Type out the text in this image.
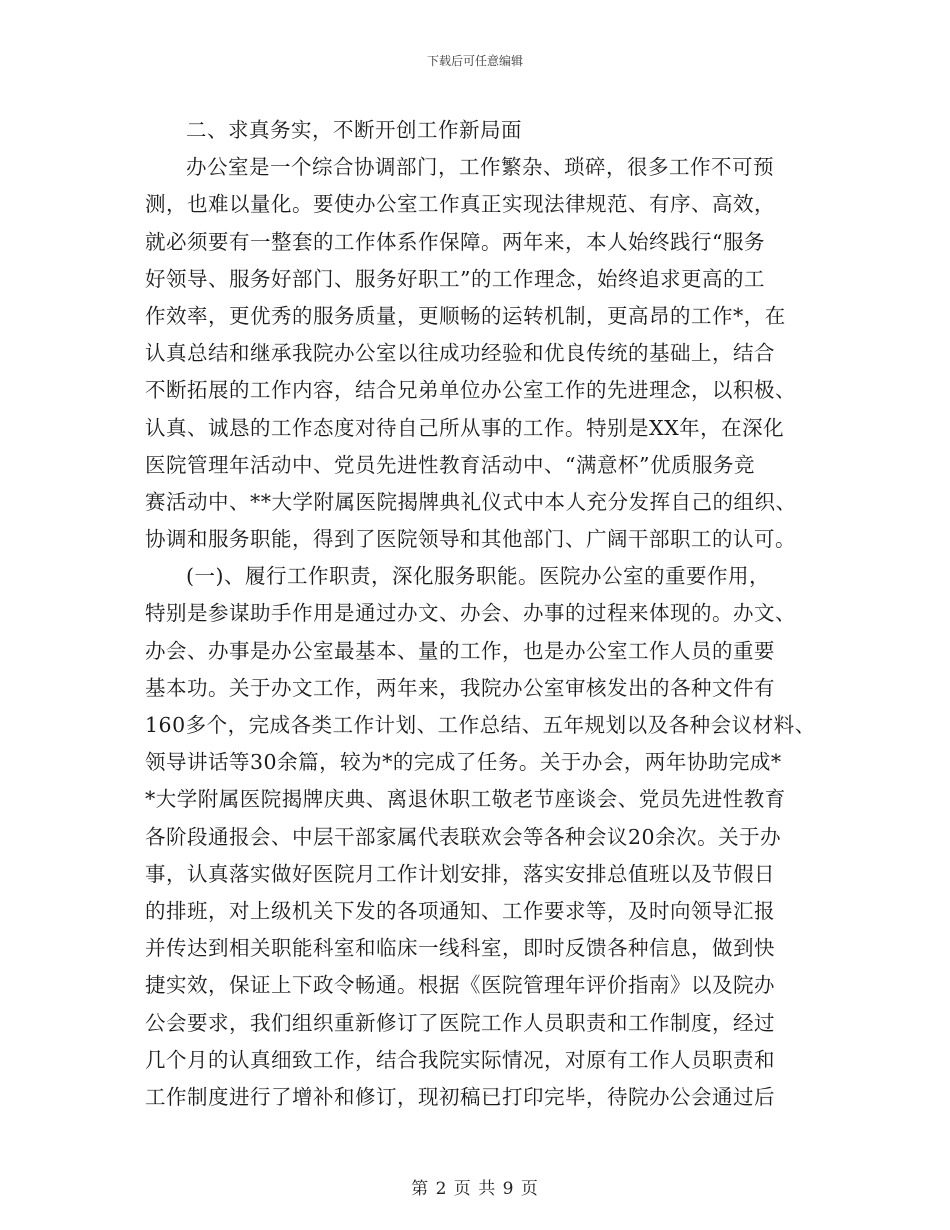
下载后可任意编辑
二、求真务实，不断开创工作新局面
办公室是一个综合协调部门，工作繁杂、琐碎，很多工作不可预
测，也难以量化。要使办公室工作真正实现法律规范、有序、高效，
就必须要有一整套的工作体系作保障。两年来，本人始终践行“服务
好领导、服务好部门、服务好职工”的工作理念，始终追求更高的工
作效率，更优秀的服务质量，更顺畅的运转机制，更高昂的工作*，在
认真总结和继承我院办公室以往成功经验和优良传统的基础上，结合
不断拓展的工作内容，结合兄弟单位办公室工作的先进理念，以积极、
认真、诚恳的工作态度对待自己所从事的工作。特别是XX年，在深化
医院管理年活动中、党员先进性教育活动中、“满意杯”优质服务竞
赛活动中、**大学附属医院揭牌典礼仪式中本人充分发挥自己的组织、
协调和服务职能，得到了医院领导和其他部门、广阔干部职工的认可。
(一)、履行工作职责，深化服务职能。医院办公室的重要作用，
特别是参谋助手作用是通过办文、办会、办事的过程来体现的。办文、
办会、办事是办公室最基本、量的工作，也是办公室工作人员的重要
基本功。关于办文工作，两年来，我院办公室审核发出的各种文件有
160多个，完成各类工作计划、工作总结、五年规划以及各种会议材料、
领导讲话等30余篇，较为*的完成了任务。关于办会，两年协助完成*
*大学附属医院揭牌庆典、离退休职工敬老节座谈会、党员先进性教育
各阶段通报会、中层干部家属代表联欢会等各种会议20余次。关于办
事，认真落实做好医院月工作计划安排，落实安排总值班以及节假日
的排班，对上级机关下发的各项通知、工作要求等，及时向领导汇报
并传达到相关职能科室和临床一线科室，即时反馈各种信息，做到快
捷实效，保证上下政令畅通。根据《医院管理年评价指南》以及院办
公会要求，我们组织重新修订了医院工作人员职责和工作制度，经过
几个月的认真细致工作，结合我院实际情况，对原有工作人员职责和
工作制度进行了增补和修订，现初稿已打印完毕，待院办公会通过后
第 2 页 共 9 页
